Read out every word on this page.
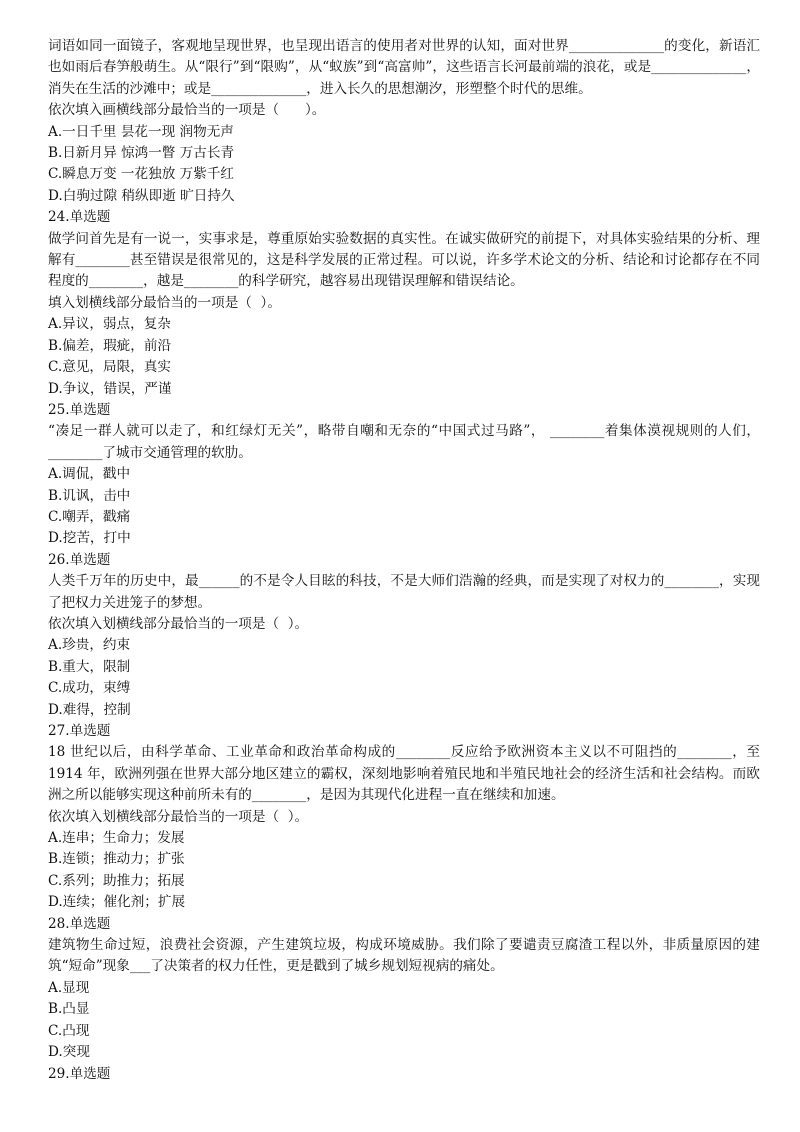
词语如同一面镜子，客观地呈现世界，也呈现出语言的使用者对世界的认知，面对世界______________的变化，新语汇也如雨后春笋般萌生。从“限行”到“限购”，从“蚁族”到“高富帅”，这些语言长河最前端的浪花，或是______________，消失在生活的沙滩中；或是______________，进入长久的思想潮汐，形塑整个时代的思维。

依次填入画横线部分最恰当的一项是（      ）。

A.一日千里 昙花一现 润物无声

B.日新月异 惊鸿一瞥 万古长青

C.瞬息万变 一花独放 万紫千红

D.白驹过隙 稍纵即逝 旷日持久

24.单选题

做学问首先是有一说一，实事求是，尊重原始实验数据的真实性。在诚实做研究的前提下，对具体实验结果的分析、理解有________甚至错误是很常见的，这是科学发展的正常过程。可以说，许多学术论文的分析、结论和讨论都存在不同程度的________，越是________的科学研究，越容易出现错误理解和错误结论。

填入划横线部分最恰当的一项是（  ）。

A.异议，弱点，复杂

B.偏差，瑕疵，前沿

C.意见，局限，真实

D.争议，错误，严谨

25.单选题

“凑足一群人就可以走了，和红绿灯无关”，略带自嘲和无奈的“中国式过马路”， ________着集体漠视规则的人们，________了城市交通管理的软肋。

A.调侃，戳中

B.讥讽，击中

C.嘲弄，戳痛

D.挖苦，打中

26.单选题

人类千万年的历史中，最______的不是令人目眩的科技，不是大师们浩瀚的经典，而是实现了对权力的________，实现了把权力关进笼子的梦想。

依次填入划横线部分最恰当的一项是（  ）。

A.珍贵，约束

B.重大，限制

C.成功，束缚

D.难得，控制

27.单选题

18 世纪以后，由科学革命、工业革命和政治革命构成的________反应给予欧洲资本主义以不可阻挡的________，至 1914 年，欧洲列强在世界大部分地区建立的霸权，深刻地影响着殖民地和半殖民地社会的经济生活和社会结构。而欧洲之所以能够实现这种前所未有的________，是因为其现代化进程一直在继续和加速。

依次填入划横线部分最恰当的一项是（  ）。

A.连串；生命力；发展

B.连锁；推动力；扩张

C.系列；助推力；拓展

D.连续；催化剂；扩展

28.单选题

建筑物生命过短，浪费社会资源，产生建筑垃圾，构成环境威胁。我们除了要谴责豆腐渣工程以外，非质量原因的建筑“短命”现象___了决策者的权力任性，更是戳到了城乡规划短视病的痛处。

A.显现

B.凸显

C.凸现

D.突现

29.单选题
